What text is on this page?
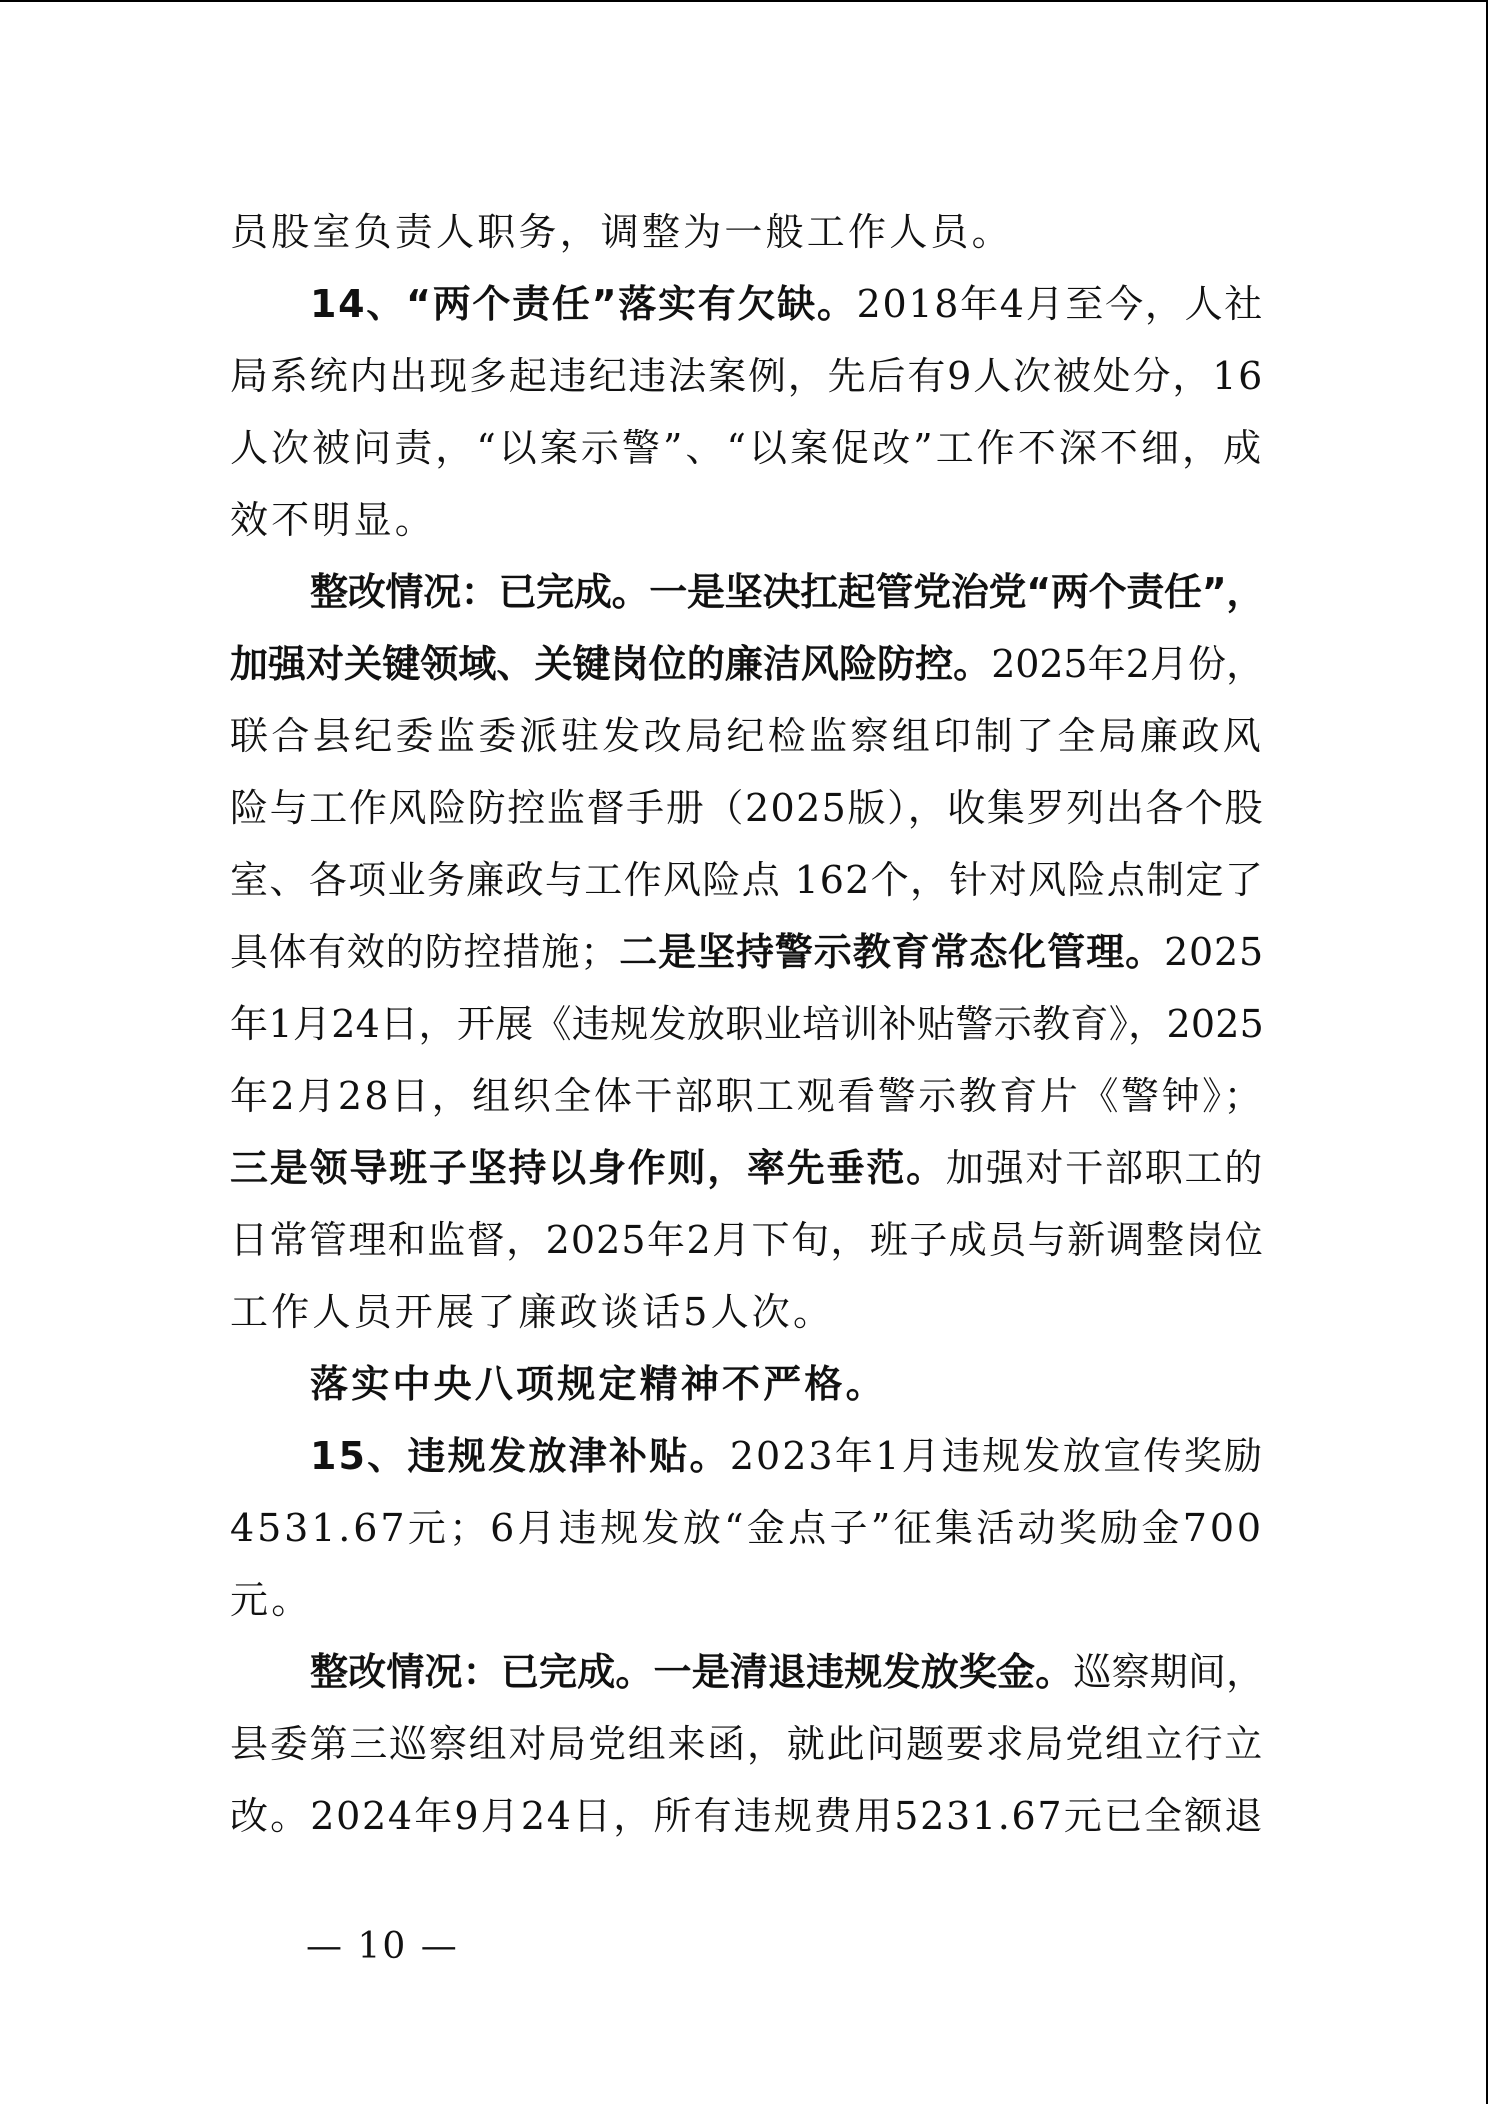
员股室负责人职务，调整为一般工作人员。
14、“两个责任”落实有欠缺。2018年4月至今，人社
局系统内出现多起违纪违法案例，先后有9人次被处分，16
人次被问责，“以案示警”、“以案促改”工作不深不细，成
效不明显。
整改情况：已完成。一是坚决扛起管党治党“两个责任”，
加强对关键领域、关键岗位的廉洁风险防控。2025年2月份，
联合县纪委监委派驻发改局纪检监察组印制了全局廉政风
险与工作风险防控监督手册（2025版），收集罗列出各个股
室、各项业务廉政与工作风险点 162个，针对风险点制定了
具体有效的防控措施；二是坚持警示教育常态化管理。2025
年1月24日，开展《违规发放职业培训补贴警示教育》，2025
年2月28日，组织全体干部职工观看警示教育片《警钟》；
三是领导班子坚持以身作则，率先垂范。加强对干部职工的
日常管理和监督，2025年2月下旬，班子成员与新调整岗位
工作人员开展了廉政谈话5人次。
落实中央八项规定精神不严格。
15、违规发放津补贴。2023年1月违规发放宣传奖励
4531.67元；6月违规发放“金点子”征集活动奖励金700
元。
整改情况：已完成。一是清退违规发放奖金。巡察期间，
县委第三巡察组对局党组来函，就此问题要求局党组立行立
改。2024年9月24日，所有违规费用5231.67元已全额退
— 10 —
